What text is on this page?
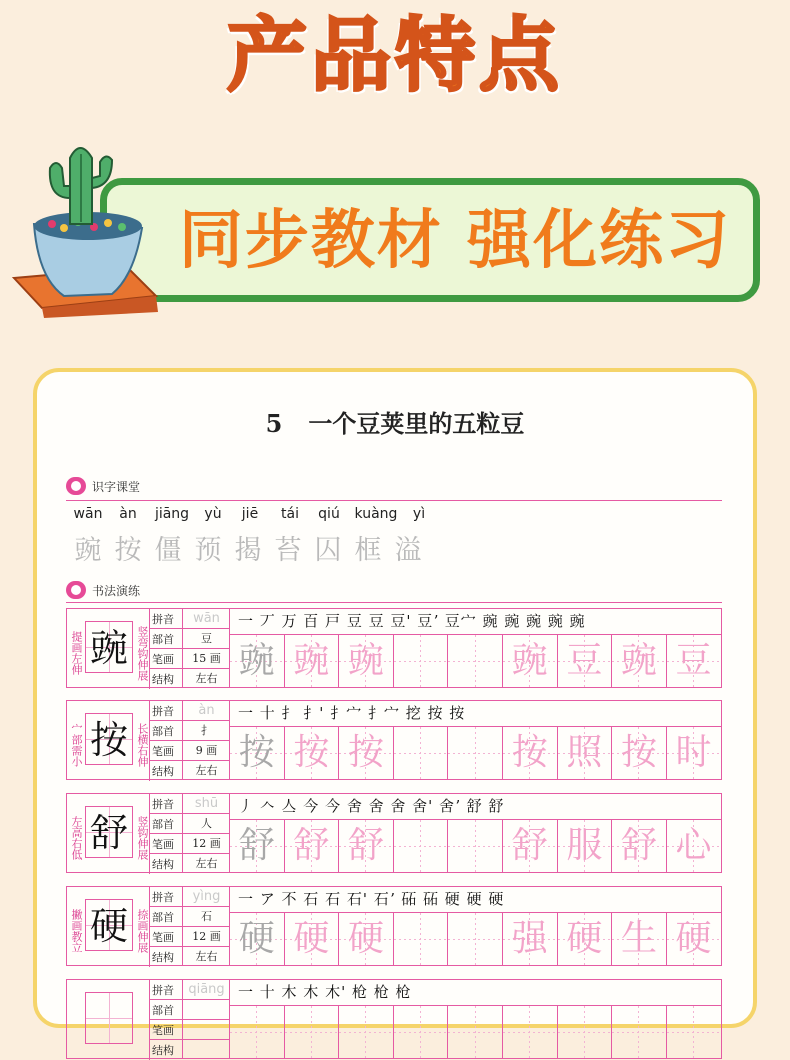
产品特点
同步教材 强化练习
5 一个豆荚里的五粒豆
识字课堂
wān	àn	jiāng	yù	jiē	tái	qiú	kuàng	yì
豌 按 僵 预 揭 苔 囚 框 溢
书法演练
提画左伸 豌 竖弯钩伸展
拼音	wān
部首	豆
笔画	15 画
结构	左右
一 丆 万 百 戸 豆 豆 豆' 豆ʼ 豆宀 豌 豌 豌 豌 豌
豌 豌 豌	豌 豆 豌 豆
宀部需小 按 长横右伸
拼音	àn
部首	扌
笔画	9 画
结构	左右
一 十 扌 扌' 扌宀 扌宀 挖 按 按
按 按 按	按 照 按 时
左高右低 舒 竖钩伸展
拼音	shū
部首	人
笔画	12 画
结构	左右
丿 𠆢 亼 今 今 舍 舍 舍 舍' 舍ʼ 舒 舒
舒 舒 舒	舒 服 舒 心
撇画教立 硬 捺画伸展
拼音	yìng
部首	石
笔画	12 画
结构	左右
一 ア 不 石 石 石' 石ʼ 砳 砳 硬 硬 硬
硬 硬 硬	强 硬 生 硬
拼音	qiāng
部首
笔画
结构
一 十 木 木 木' 枪 枪 枪
